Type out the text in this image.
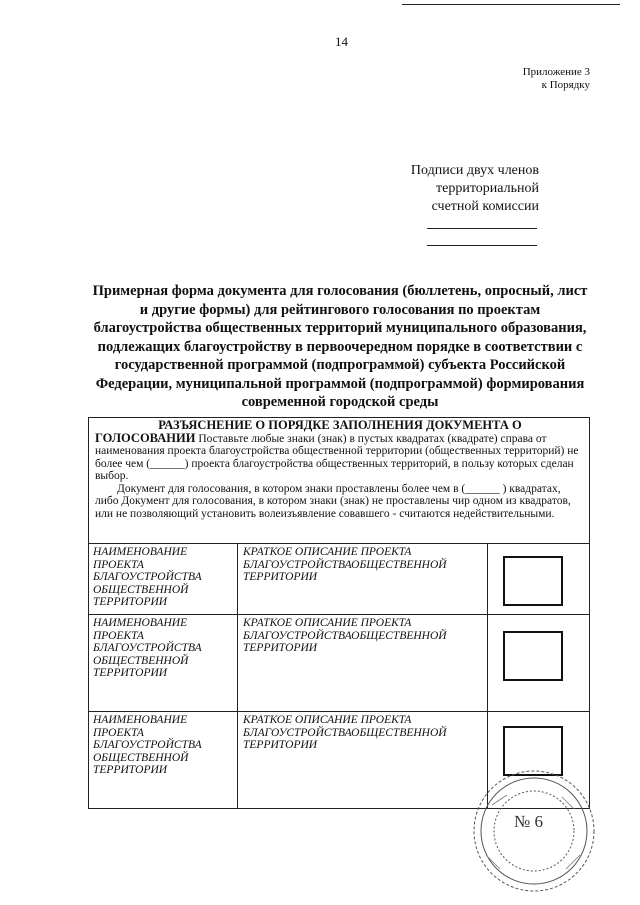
14
Приложение 3
к Порядку
Подписи двух членов
территориальной
счетной комиссии
Примерная форма документа для голосования (бюллетень, опросный, лист и другие формы) для рейтингового голосования по проектам благоустройства общественных территорий муниципального образования, подлежащих благоустройству в первоочередном порядке в соответствии с государственной программой (подпрограммой) субъекта Российской Федерации, муниципальной программой (подпрограммой) формирования современной городской среды
РАЗЪЯСНЕНИЕ О ПОРЯДКЕ ЗАПОЛНЕНИЯ ДОКУМЕНТА О

ГОЛОСОВАНИИ Поставьте любые знаки (знак) в пустых квадратах (квадрате) справа от наименования проекта благоустройства общественной территории (общественных территорий) не более чем (______) проекта благоустройства общественных территорий, в пользу которых сделан выбор.

Документ для голосования, в котором знаки проставлены более чем в (______ ) квадратах, либо Документ для голосования, в котором знаки (знак) не проставлены чир одном из квадратов, или не позволяющий установить волеизъявление совавшего - считаются недействительными.

НАИМЕНОВАНИЕ ПРОЕКТА БЛАГОУСТРОЙСТВА ОБЩЕСТВЕННОЙ ТЕРРИТОРИИ
КРАТКОЕ ОПИСАНИЕ ПРОЕКТА БЛАГОУСТРОЙСТВАОБЩЕСТВЕННОЙ ТЕРРИТОРИИ
НАИМЕНОВАНИЕ ПРОЕКТА БЛАГОУСТРОЙСТВА ОБЩЕСТВЕННОЙ ТЕРРИТОРИИ
КРАТКОЕ ОПИСАНИЕ ПРОЕКТА БЛАГОУСТРОЙСТВАОБЩЕСТВЕННОЙ ТЕРРИТОРИИ
НАИМЕНОВАНИЕ ПРОЕКТА БЛАГОУСТРОЙСТВА ОБЩЕСТВЕННОЙ ТЕРРИТОРИИ
КРАТКОЕ ОПИСАНИЕ ПРОЕКТА БЛАГОУСТРОЙСТВАОБЩЕСТВЕННОЙ ТЕРРИТОРИИ
№ 6
